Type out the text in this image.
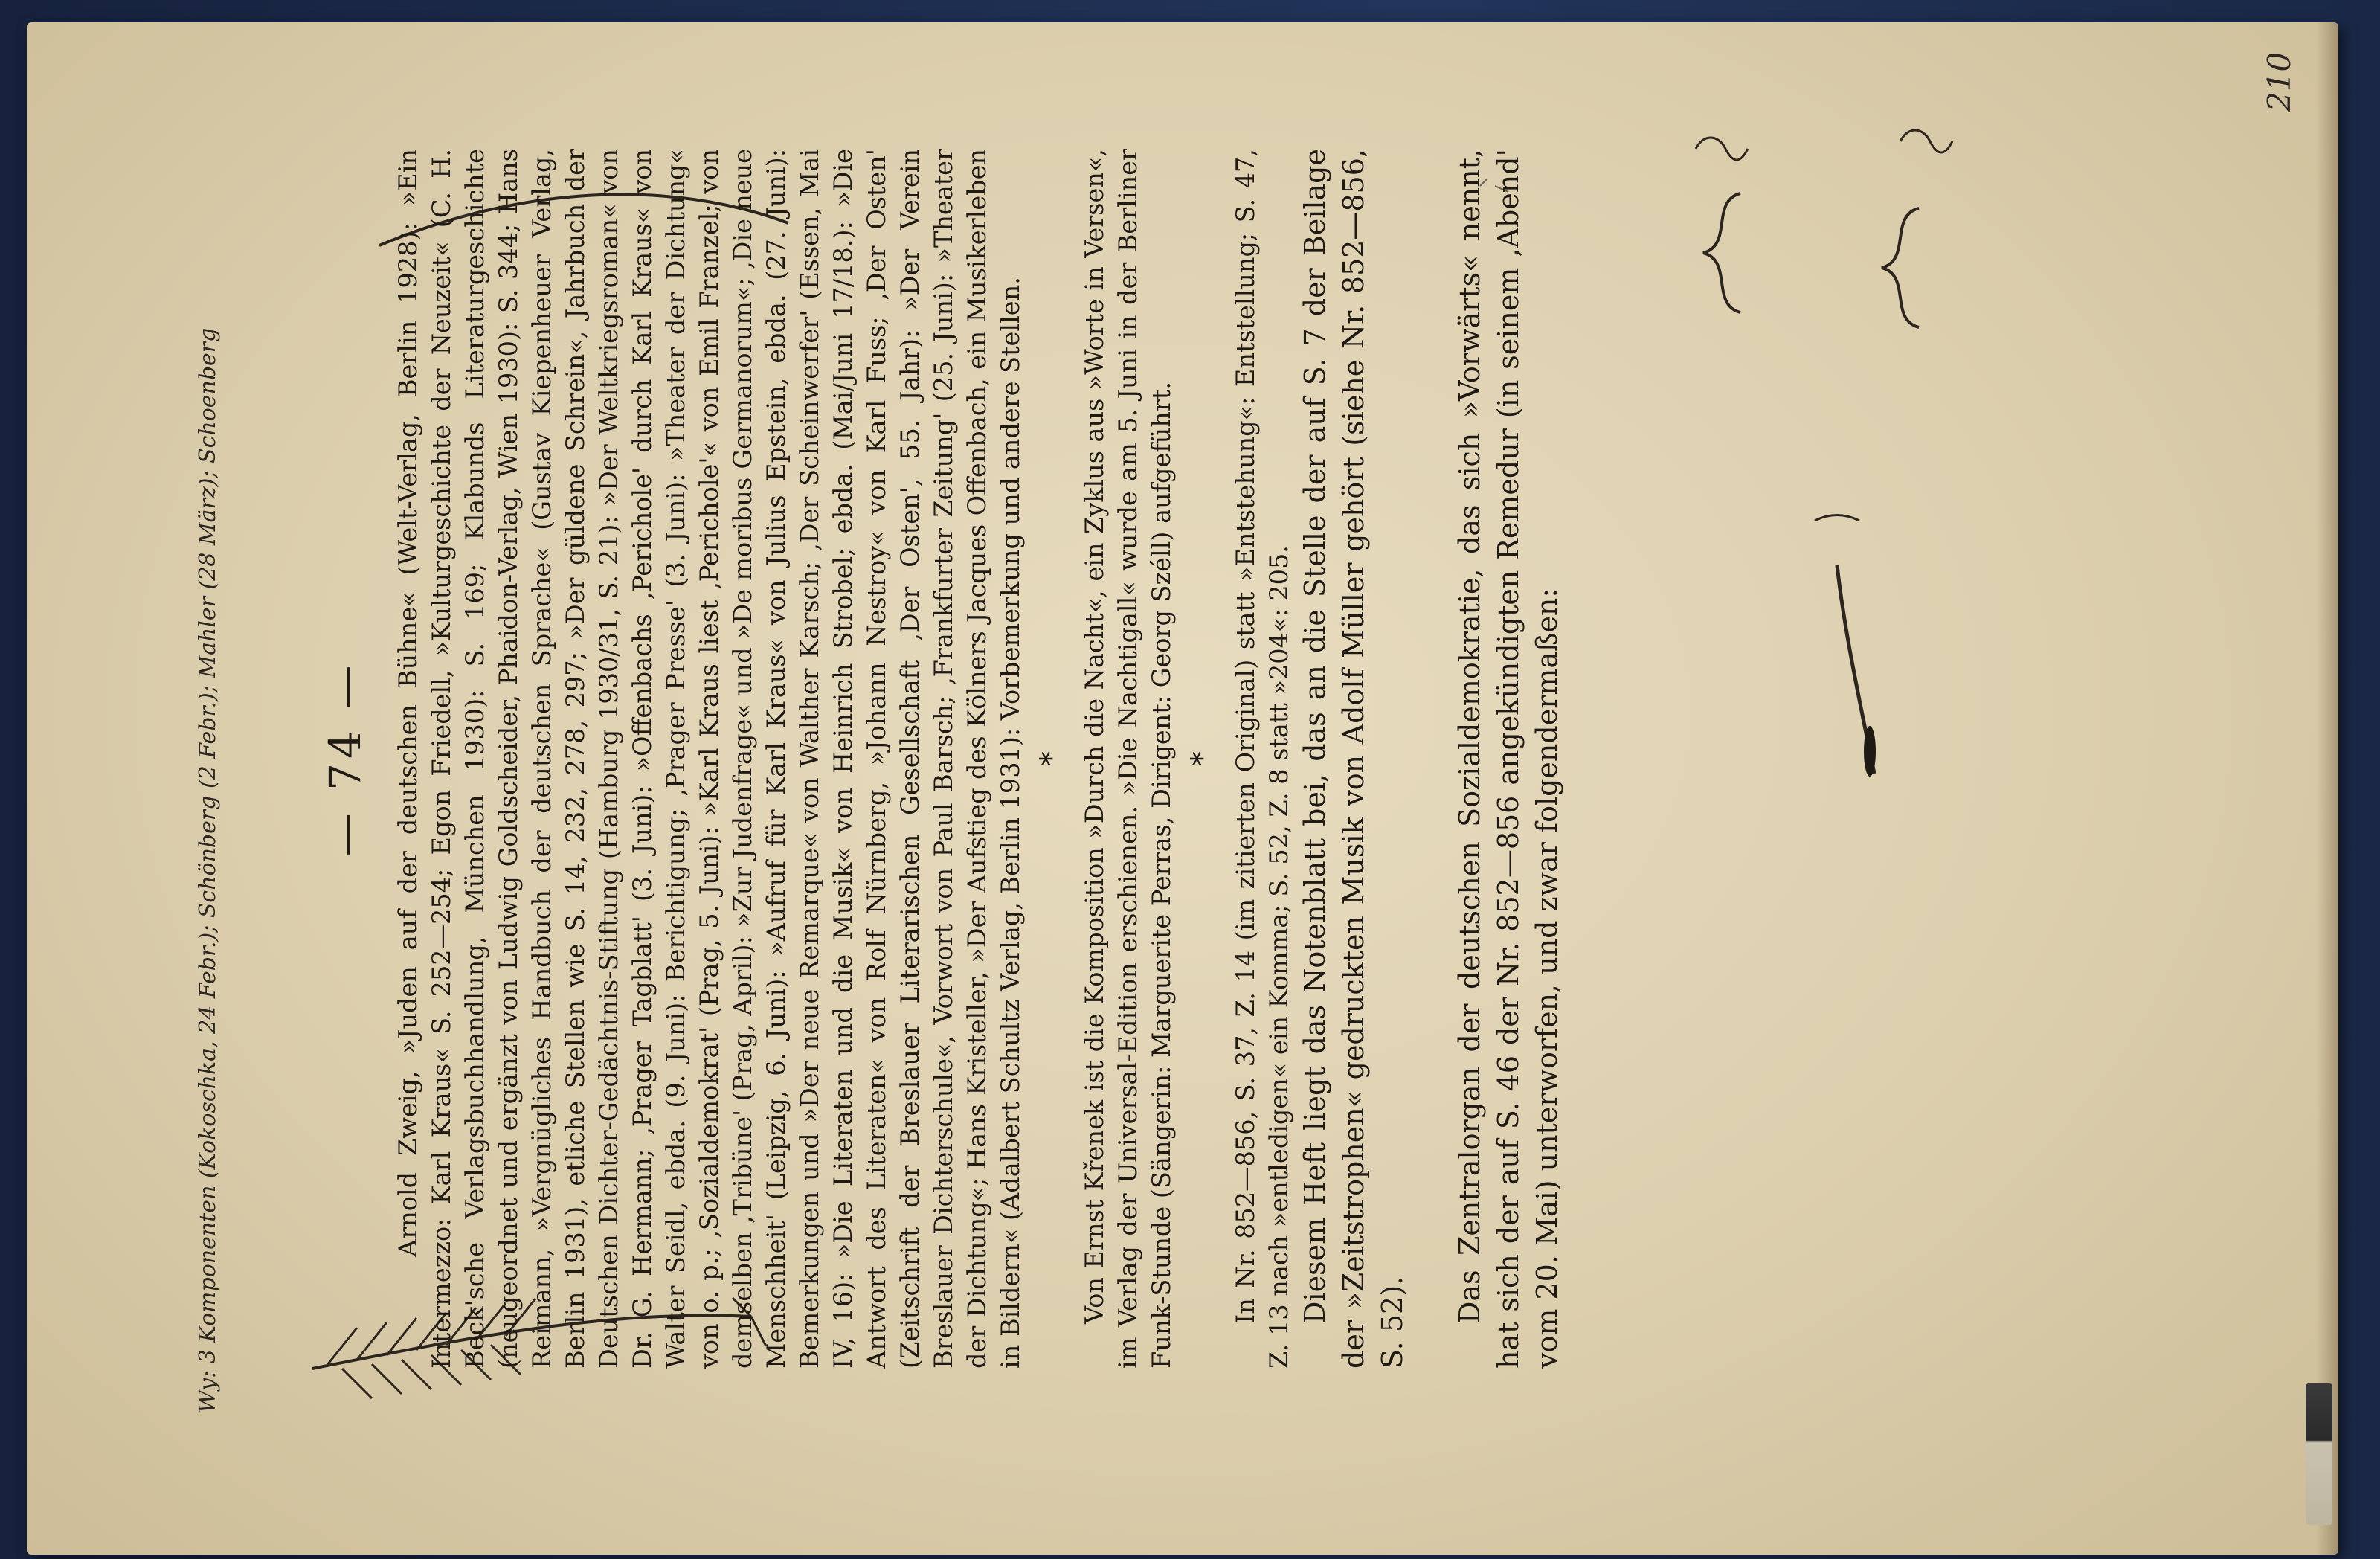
— 74 — Arnold Zweig, »Juden auf der deutschen Bühne« (Welt-Verlag, Berlin 1928): »Ein Intermezzo: Karl Kraus« S. 252—254; Egon Friedell, »Kulturgeschichte der Neuzeit« (C. H. Beck'sche Verlagsbuchhandlung, München 1930): S. 169; Klabunds Literaturgeschichte (neugeordnet und ergänzt von Ludwig Goldscheider, Phaidon-Verlag, Wien 1930): S. 344; Hans Reimann, »Vergnügliches Handbuch der deutschen Sprache« (Gustav Kiepenheuer Verlag, Berlin 1931), etliche Stellen wie S. 14, 232, 278, 297; »Der güldene Schrein«, Jahrbuch der Deutschen Dichter-Gedächtnis-Stiftung (Hamburg 1930/31, S. 21): »Der Weltkriegsroman« von Dr. G. Hermann; ‚Prager Tagblatt' (3. Juni): »Offenbachs ‚Perichole' durch Karl Kraus« von Walter Seidl, ebda. (9. Juni): Berichtigung; ‚Prager Presse' (3. Juni): »Theater der Dichtung« von o. p.; ‚Sozialdemokrat' (Prag, 5. Juni): »Karl Kraus liest ‚Perichole'« von Emil Franzel; von demselben ‚Tribüne' (Prag, April): »Zur Judenfrage« und »De moribus Germanorum«; ‚Die neue Menschheit' (Leipzig, 6. Juni): »Aufruf für Karl Kraus« von Julius Epstein, ebda. (27. Juni): Bemerkungen und »Der neue Remarque« von Walther Karsch; ‚Der Scheinwerfer' (Essen, Mai IV, 16): »Die Literaten und die Musik« von Heinrich Strobel; ebda. (Mai/Juni 17/18.): »Die Antwort des Literaten« von Rolf Nürnberg, »Johann Nestroy« von Karl Fuss; ‚Der Osten' (Zeitschrift der Breslauer Literarischen Gesellschaft ‚Der Osten', 55. Jahr): »Der Verein Breslauer Dichterschule«, Vorwort von Paul Barsch; ‚Frankfurter Zeitung' (25. Juni): »Theater der Dichtung«; Hans Kristeller, »Der Aufstieg des Kölners Jacques Offenbach, ein Musikerleben in Bildern« (Adalbert Schultz Verlag, Berlin 1931): Vorbemerkung und andere Stellen. * Von Ernst Křenek ist die Komposition »Durch die Nacht«, ein Zyklus aus »Worte in Versen«, im Verlag der Universal-Edition erschienen. »Die Nachtigall« wurde am 5. Juni in der Berliner Funk-Stunde (Sängerin: Marguerite Perras, Dirigent: Georg Széll) aufgeführt. * In Nr. 852—856, S. 37, Z. 14 (im zitierten Original) statt »Entstehung«: Entstellung; S. 47, Z. 13 nach »entledigen« ein Komma; S. 52, Z. 8 statt »204«: 205. Diesem Heft liegt das Notenblatt bei, das an die Stelle der auf S. 7 der Beilage der »Zeitstrophen« gedruckten Musik von Adolf Müller gehört (siehe Nr. 852—856, S. 52). Das Zentralorgan der deutschen Sozialdemokratie, das sich »Vorwärts« nennt, hat sich der auf S. 46 der Nr. 852—856 angekündigten Remedur (in seinem ‚Abend' vom 20. Mai) unterworfen, und zwar folgendermaßen:

Wy: 3 Komponenten (Kokoschka, 24 Febr.); Schönberg (2 Febr.); Mahler (28 März); Schoenberg
210
